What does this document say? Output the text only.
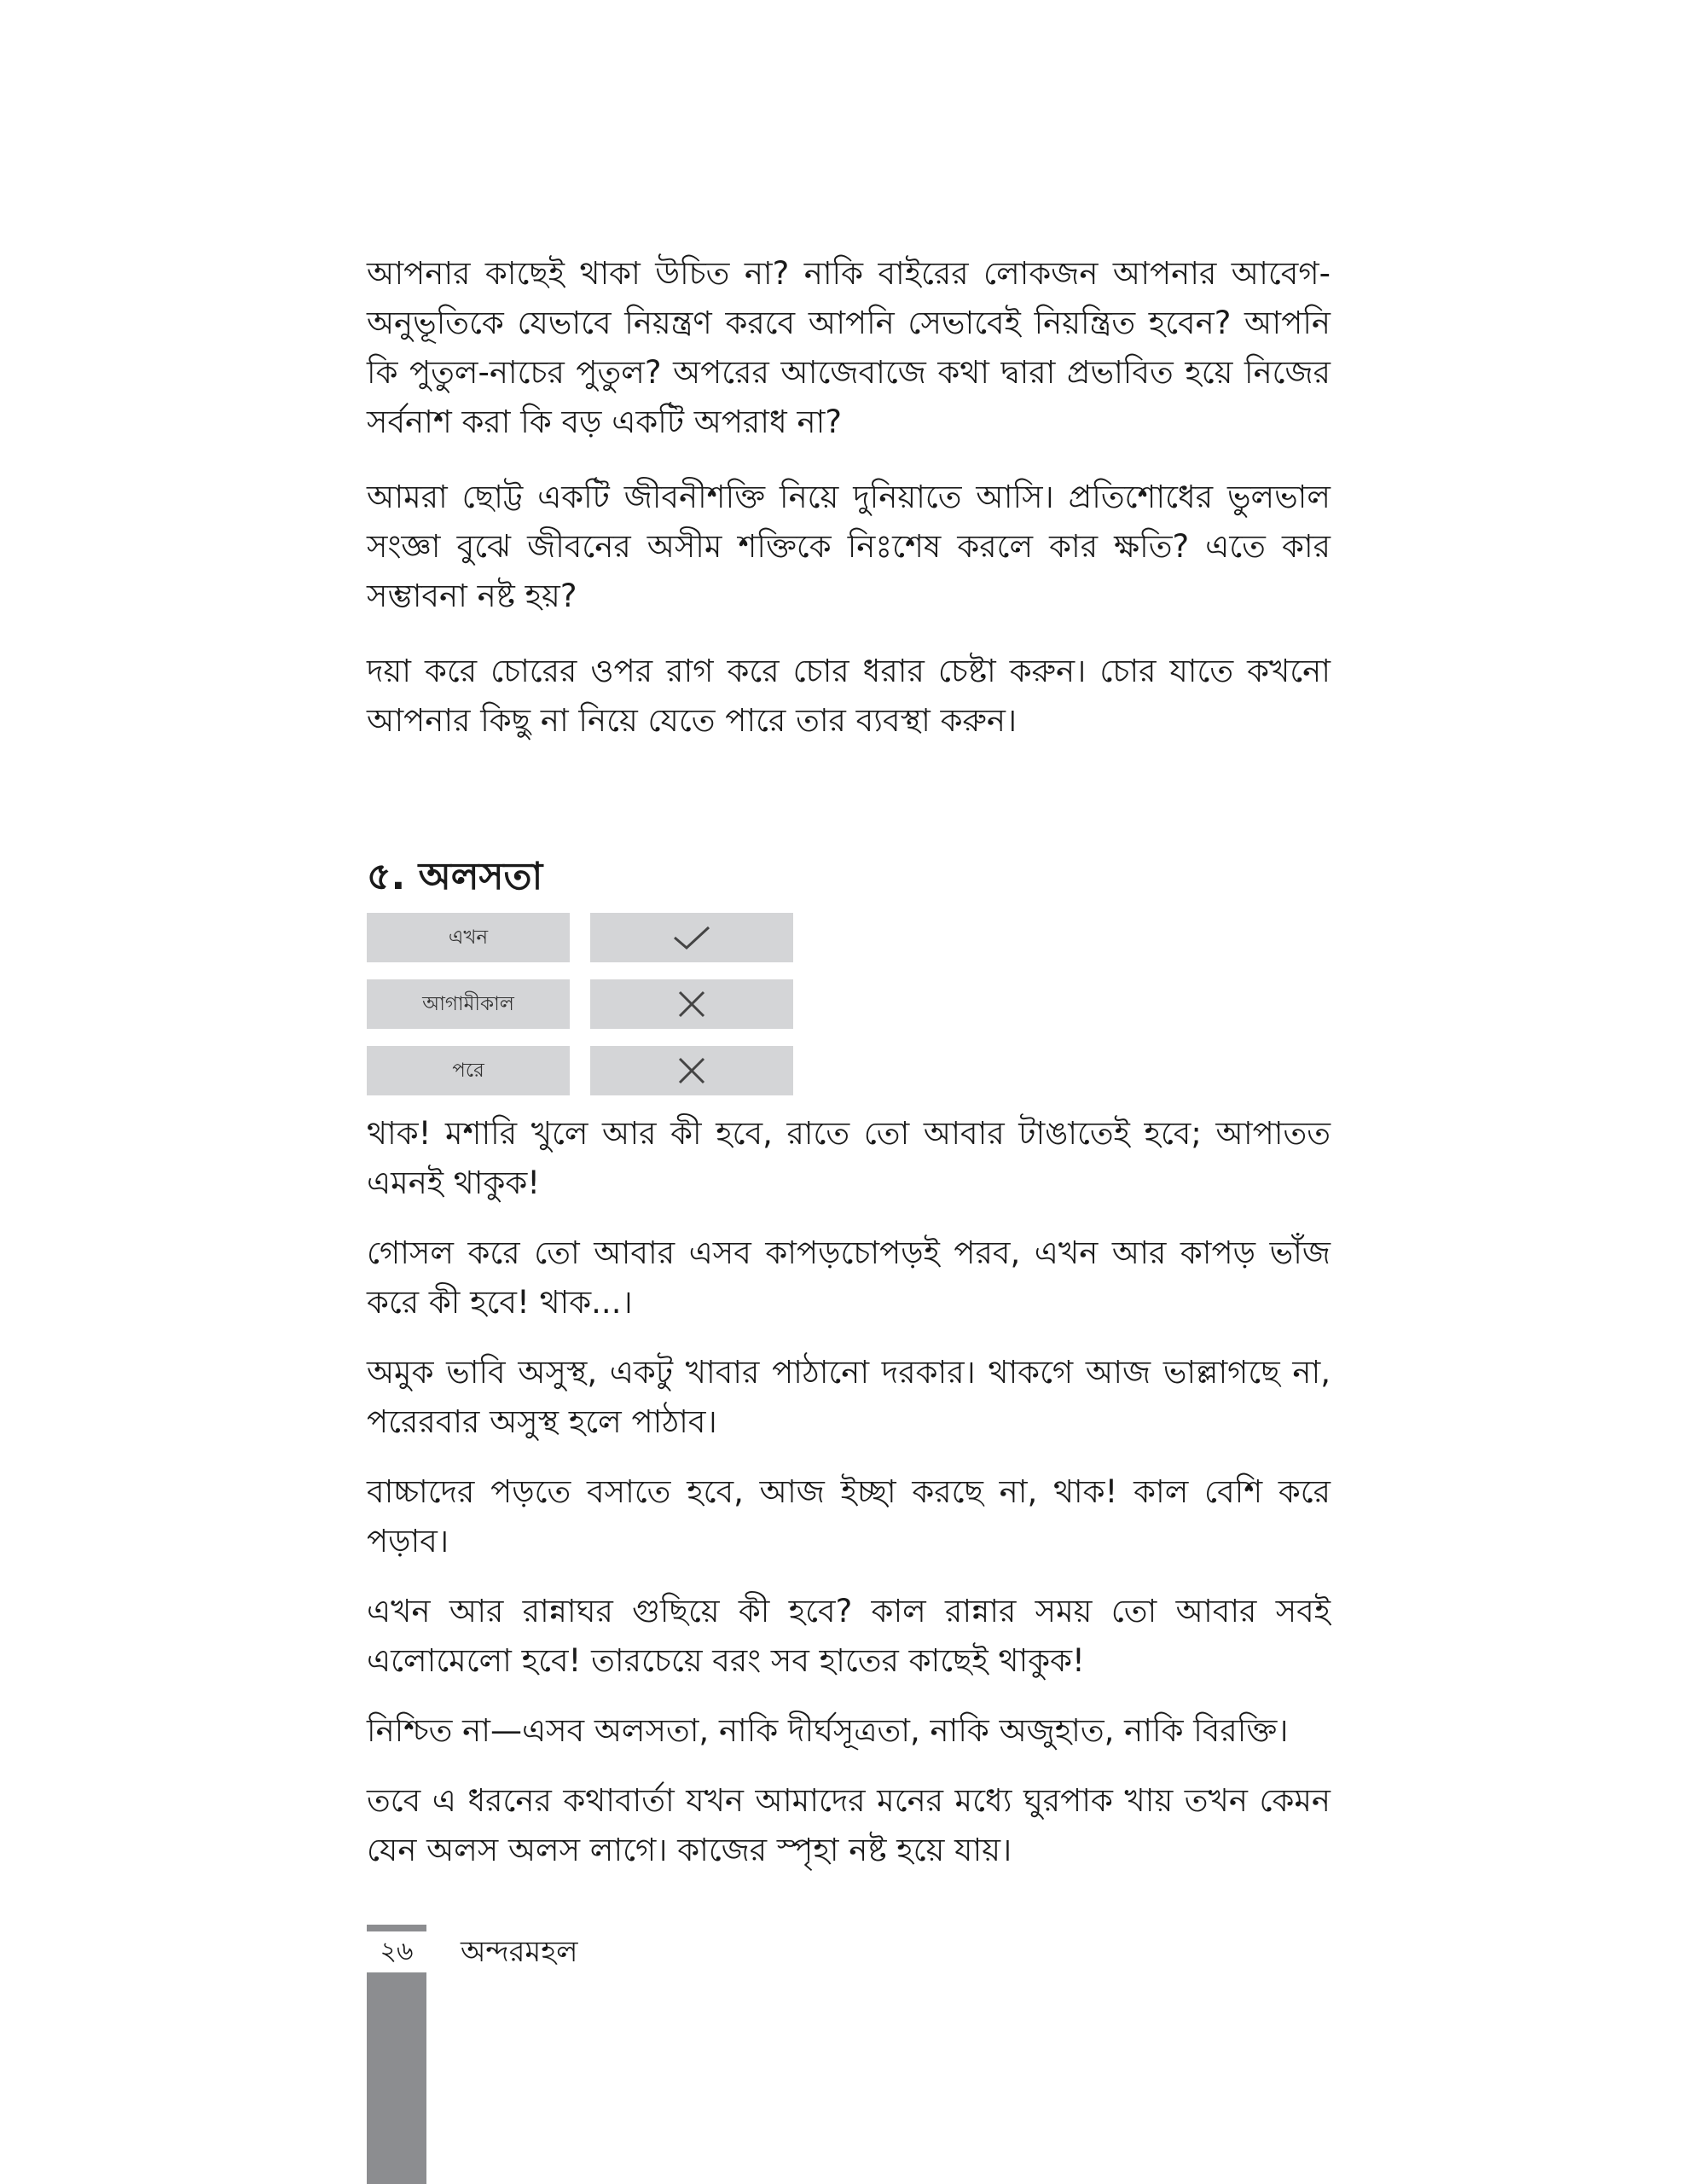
আপনার কাছেই থাকা উচিত না? নাকি বাইরের লোকজন আপনার আবেগ-অনুভূতিকে যেভাবে নিয়ন্ত্রণ করবে আপনি সেভাবেই নিয়ন্ত্রিত হবেন? আপনি কি পুতুল-নাচের পুতুল? অপরের আজেবাজে কথা দ্বারা প্রভাবিত হয়ে নিজের সর্বনাশ করা কি বড় একটি অপরাধ না?

আমরা ছোট্ট একটি জীবনীশক্তি নিয়ে দুনিয়াতে আসি। প্রতিশোধের ভুলভাল সংজ্ঞা বুঝে জীবনের অসীম শক্তিকে নিঃশেষ করলে কার ক্ষতি? এতে কার সম্ভাবনা নষ্ট হয়?

দয়া করে চোরের ওপর রাগ করে চোর ধরার চেষ্টা করুন। চোর যাতে কখনো আপনার কিছু না নিয়ে যেতে পারে তার ব্যবস্থা করুন।

৫. অলসতা
এখন
আগামীকাল
পরে

থাক! মশারি খুলে আর কী হবে, রাতে তো আবার টাঙাতেই হবে; আপাতত এমনই থাকুক!

গোসল করে তো আবার এসব কাপড়চোপড়ই পরব, এখন আর কাপড় ভাঁজ করে কী হবে! থাক...।

অমুক ভাবি অসুস্থ, একটু খাবার পাঠানো দরকার। থাকগে আজ ভাল্লাগছে না, পরেরবার অসুস্থ হলে পাঠাব।

বাচ্চাদের পড়তে বসাতে হবে, আজ ইচ্ছা করছে না, থাক! কাল বেশি করে পড়াব।

এখন আর রান্নাঘর গুছিয়ে কী হবে? কাল রান্নার সময় তো আবার সবই এলোমেলো হবে! তারচেয়ে বরং সব হাতের কাছেই থাকুক!

নিশ্চিত না—এসব অলসতা, নাকি দীর্ঘসূত্রতা, নাকি অজুহাত, নাকি বিরক্তি।

তবে এ ধরনের কথাবার্তা যখন আমাদের মনের মধ্যে ঘুরপাক খায় তখন কেমন যেন অলস অলস লাগে। কাজের স্পৃহা নষ্ট হয়ে যায়।

২৬	অন্দরমহল
